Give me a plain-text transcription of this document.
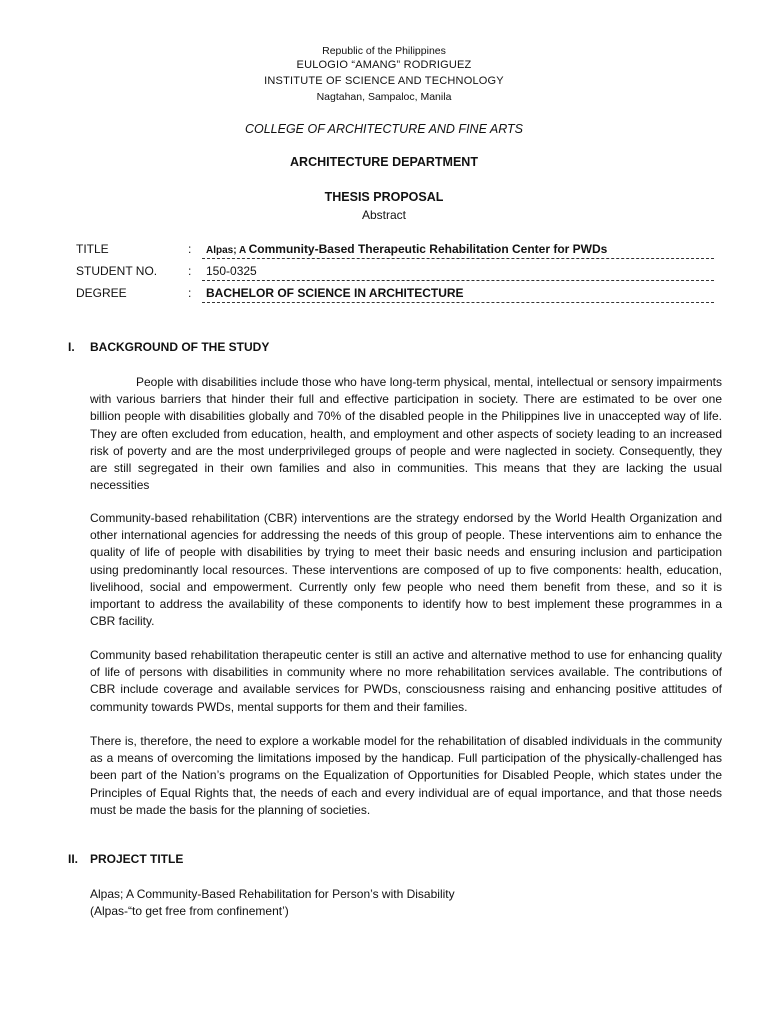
Republic of the Philippines
EULOGIO “AMANG” RODRIGUEZ
INSTITUTE OF SCIENCE AND TECHNOLOGY
Nagtahan, Sampaloc, Manila
COLLEGE OF ARCHITECTURE AND FINE ARTS
ARCHITECTURE DEPARTMENT
THESIS PROPOSAL
Abstract
TITLE	: Alpas; A Community-Based Therapeutic Rehabilitation Center for PWDs
STUDENT NO.	: 150-0325
DEGREE	: BACHELOR OF SCIENCE IN ARCHITECTURE
I. BACKGROUND OF THE STUDY
People with disabilities include those who have long-term physical, mental, intellectual or sensory impairments with various barriers that hinder their full and effective participation in society. There are estimated to be over one billion people with disabilities globally and 70% of the disabled people in the Philippines live in unaccepted way of life. They are often excluded from education, health, and employment and other aspects of society leading to an increased risk of poverty and are the most underprivileged groups of people and were naglected in society. Consequently, they are still segregated in their own families and also in communities. This means that they are lacking the usual necessities
Community-based rehabilitation (CBR) interventions are the strategy endorsed by the World Health Organization and other international agencies for addressing the needs of this group of people. These interventions aim to enhance the quality of life of people with disabilities by trying to meet their basic needs and ensuring inclusion and participation using predominantly local resources. These interventions are composed of up to five components: health, education, livelihood, social and empowerment. Currently only few people who need them benefit from these, and so it is important to address the availability of these components to identify how to best implement these programmes in a CBR facility.
Community based rehabilitation therapeutic center is still an active and alternative method to use for enhancing quality of life of persons with disabilities in community where no more rehabilitation services available. The contributions of CBR include coverage and available services for PWDs, consciousness raising and enhancing positive attitudes of community towards PWDs, mental supports for them and their families.
There is, therefore, the need to explore a workable model for the rehabilitation of disabled individuals in the community as a means of overcoming the limitations imposed by the handicap. Full participation of the physically-challenged has been part of the Nation’s programs on the Equalization of Opportunities for Disabled People, which states under the Principles of Equal Rights that, the needs of each and every individual are of equal importance, and that those needs must be made the basis for the planning of societies.
II. PROJECT TITLE
Alpas; A Community-Based Rehabilitation for Person’s with Disability
(Alpas-“to get free from confinement’)
